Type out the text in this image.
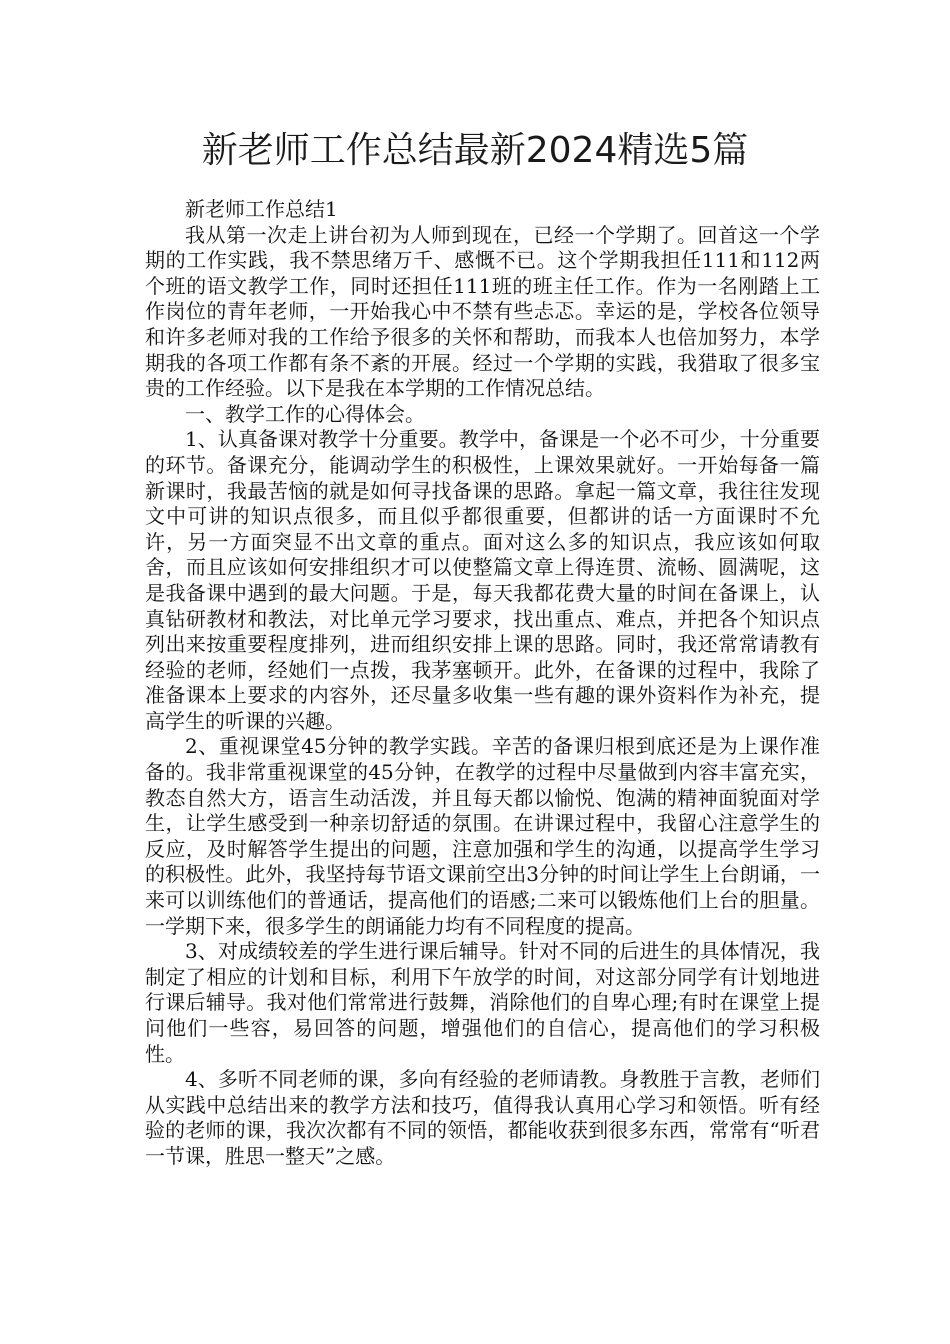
新老师工作总结最新2024精选5篇

新老师工作总结1

我从第一次走上讲台初为人师到现在，已经一个学期了。回首这一个学期的工作实践，我不禁思绪万千、感慨不已。这个学期我担任111和112两个班的语文教学工作，同时还担任111班的班主任工作。作为一名刚踏上工作岗位的青年老师，一开始我心中不禁有些忐忑。幸运的是，学校各位领导和许多老师对我的工作给予很多的关怀和帮助，而我本人也倍加努力，本学期我的各项工作都有条不紊的开展。经过一个学期的实践，我猎取了很多宝贵的工作经验。以下是我在本学期的工作情况总结。

一、教学工作的心得体会。

1、认真备课对教学十分重要。教学中，备课是一个必不可少，十分重要的环节。备课充分，能调动学生的积极性，上课效果就好。一开始每备一篇新课时，我最苦恼的就是如何寻找备课的思路。拿起一篇文章，我往往发现文中可讲的知识点很多，而且似乎都很重要，但都讲的话一方面课时不允许，另一方面突显不出文章的重点。面对这么多的知识点，我应该如何取舍，而且应该如何安排组织才可以使整篇文章上得连贯、流畅、圆满呢，这是我备课中遇到的最大问题。于是，每天我都花费大量的时间在备课上，认真钻研教材和教法，对比单元学习要求，找出重点、难点，并把各个知识点列出来按重要程度排列，进而组织安排上课的思路。同时，我还常常请教有经验的老师，经她们一点拨，我茅塞顿开。此外，在备课的过程中，我除了准备课本上要求的内容外，还尽量多收集一些有趣的课外资料作为补充，提高学生的听课的兴趣。

2、重视课堂45分钟的教学实践。辛苦的备课归根到底还是为上课作准备的。我非常重视课堂的45分钟，在教学的过程中尽量做到内容丰富充实，教态自然大方，语言生动活泼，并且每天都以愉悦、饱满的精神面貌面对学生，让学生感受到一种亲切舒适的氛围。在讲课过程中，我留心注意学生的反应，及时解答学生提出的问题，注意加强和学生的沟通，以提高学生学习的积极性。此外，我坚持每节语文课前空出3分钟的时间让学生上台朗诵，一来可以训练他们的普通话，提高他们的语感;二来可以锻炼他们上台的胆量。一学期下来，很多学生的朗诵能力均有不同程度的提高。

3、对成绩较差的学生进行课后辅导。针对不同的后进生的具体情况，我制定了相应的计划和目标，利用下午放学的时间，对这部分同学有计划地进行课后辅导。我对他们常常进行鼓舞，消除他们的自卑心理;有时在课堂上提问他们一些容，易回答的问题，增强他们的自信心，提高他们的学习积极性。

4、多听不同老师的课，多向有经验的老师请教。身教胜于言教，老师们从实践中总结出来的教学方法和技巧，值得我认真用心学习和领悟。听有经验的老师的课，我次次都有不同的领悟，都能收获到很多东西，常常有“听君一节课，胜思一整天”之感。
